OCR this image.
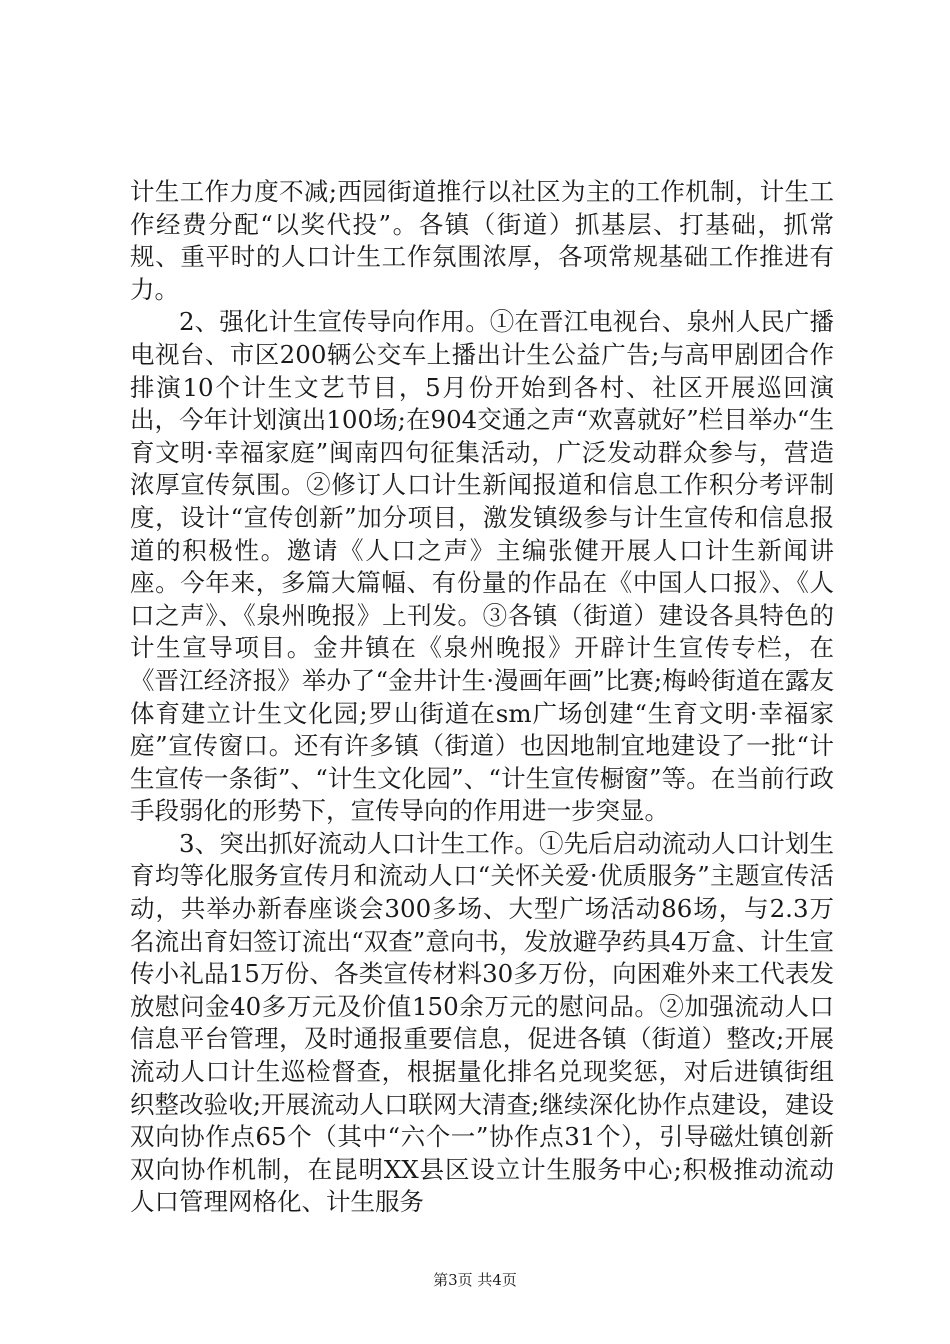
计生工作力度不减;西园街道推行以社区为主的工作机制，计生工作经费分配“以奖代投”。各镇（街道）抓基层、打基础，抓常规、重平时的人口计生工作氛围浓厚，各项常规基础工作推进有力。

2、强化计生宣传导向作用。①在晋江电视台、泉州人民广播电视台、市区200辆公交车上播出计生公益广告;与高甲剧团合作排演10个计生文艺节目，5月份开始到各村、社区开展巡回演出，今年计划演出100场;在904交通之声“欢喜就好”栏目举办“生育文明·幸福家庭”闽南四句征集活动，广泛发动群众参与，营造浓厚宣传氛围。②修订人口计生新闻报道和信息工作积分考评制度，设计“宣传创新”加分项目，激发镇级参与计生宣传和信息报道的积极性。邀请《人口之声》主编张健开展人口计生新闻讲座。今年来，多篇大篇幅、有份量的作品在《中国人口报》、《人口之声》、《泉州晚报》上刊发。③各镇（街道）建设各具特色的计生宣导项目。金井镇在《泉州晚报》开辟计生宣传专栏，在《晋江经济报》举办了“金井计生·漫画年画”比赛;梅岭街道在露友体育建立计生文化园;罗山街道在sm广场创建“生育文明·幸福家庭”宣传窗口。还有许多镇（街道）也因地制宜地建设了一批“计生宣传一条街”、“计生文化园”、“计生宣传橱窗”等。在当前行政手段弱化的形势下，宣传导向的作用进一步突显。

3、突出抓好流动人口计生工作。①先后启动流动人口计划生育均等化服务宣传月和流动人口“关怀关爱·优质服务”主题宣传活动，共举办新春座谈会300多场、大型广场活动86场，与2.3万名流出育妇签订流出“双查”意向书，发放避孕药具4万盒、计生宣传小礼品15万份、各类宣传材料30多万份，向困难外来工代表发放慰问金40多万元及价值150余万元的慰问品。②加强流动人口信息平台管理，及时通报重要信息，促进各镇（街道）整改;开展流动人口计生巡检督查，根据量化排名兑现奖惩，对后进镇街组织整改验收;开展流动人口联网大清查;继续深化协作点建设，建设双向协作点65个（其中“六个一”协作点31个），引导磁灶镇创新双向协作机制，在昆明XX县区设立计生服务中心;积极推动流动人口管理网格化、计生服务

第3页 共4页
